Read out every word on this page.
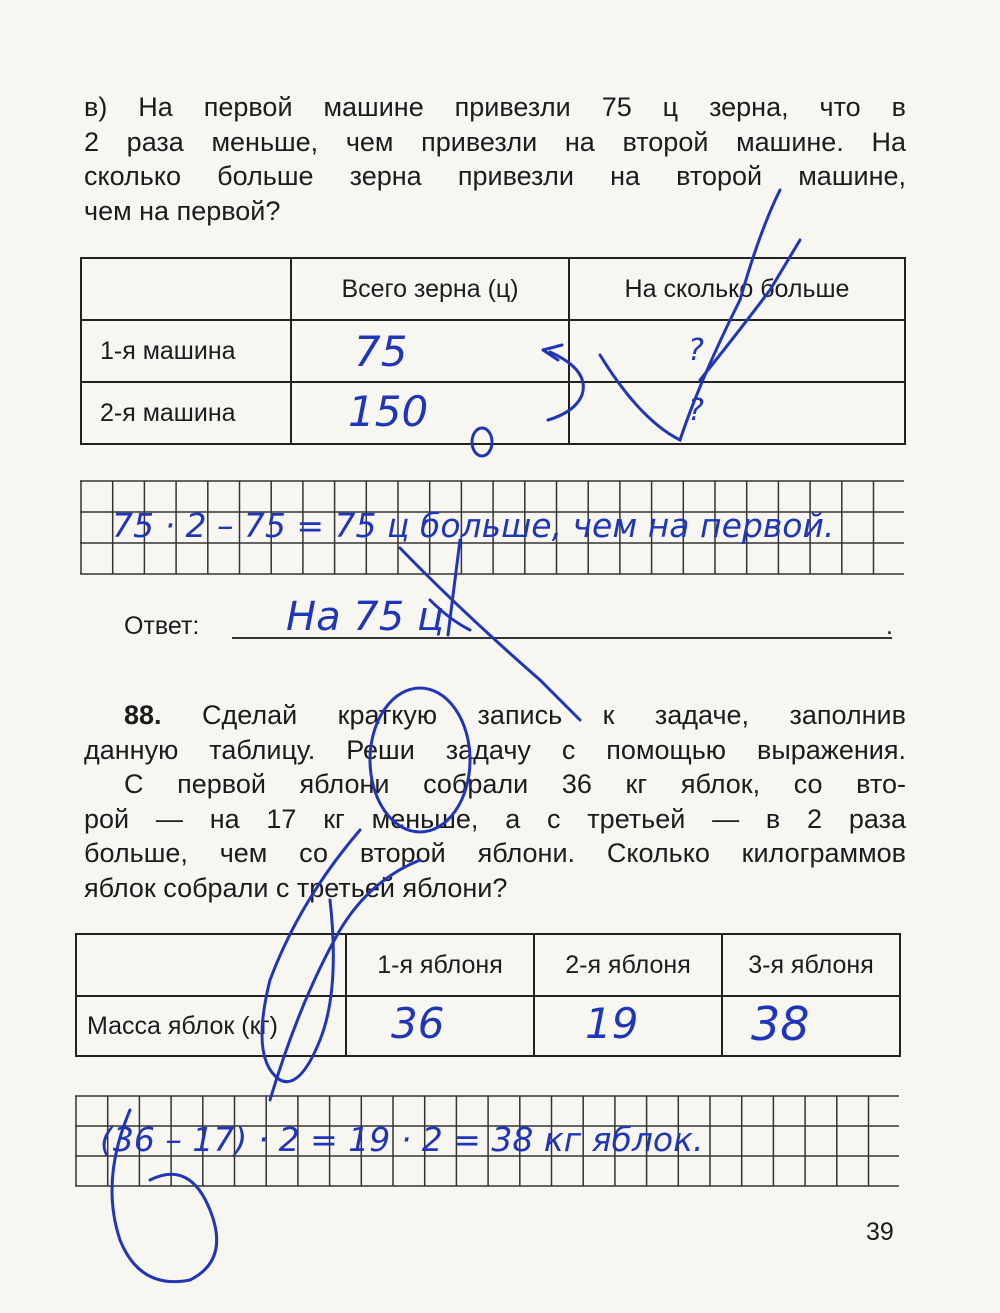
в) На первой машине привезли 75 ц зерна, что в
2 раза меньше, чем привезли на второй машине. На
сколько больше зерна привезли на второй машине,
чем на первой?
	Всего зерна (ц)	На сколько больше
1-я машина	75	?

2-я машина	150	?
75 · 2 – 75 = 75 ц больше, чем на первой.
Ответ: На 75 ц	.
88. Сделай краткую запись к задаче, заполнив
данную таблицу. Реши задачу с помощью выражения.
С первой яблони собрали 36 кг яблок, со вто-
рой — на 17 кг меньше, а с третьей — в 2 раза
больше, чем со второй яблони. Сколько килограммов
яблок собрали с третьей яблони?
	1-я яблоня	2-я яблоня	3-я яблоня
Масса яблок (кг)	36	19	38
(36 – 17) · 2 = 19 · 2 = 38 кг яблок.
39
